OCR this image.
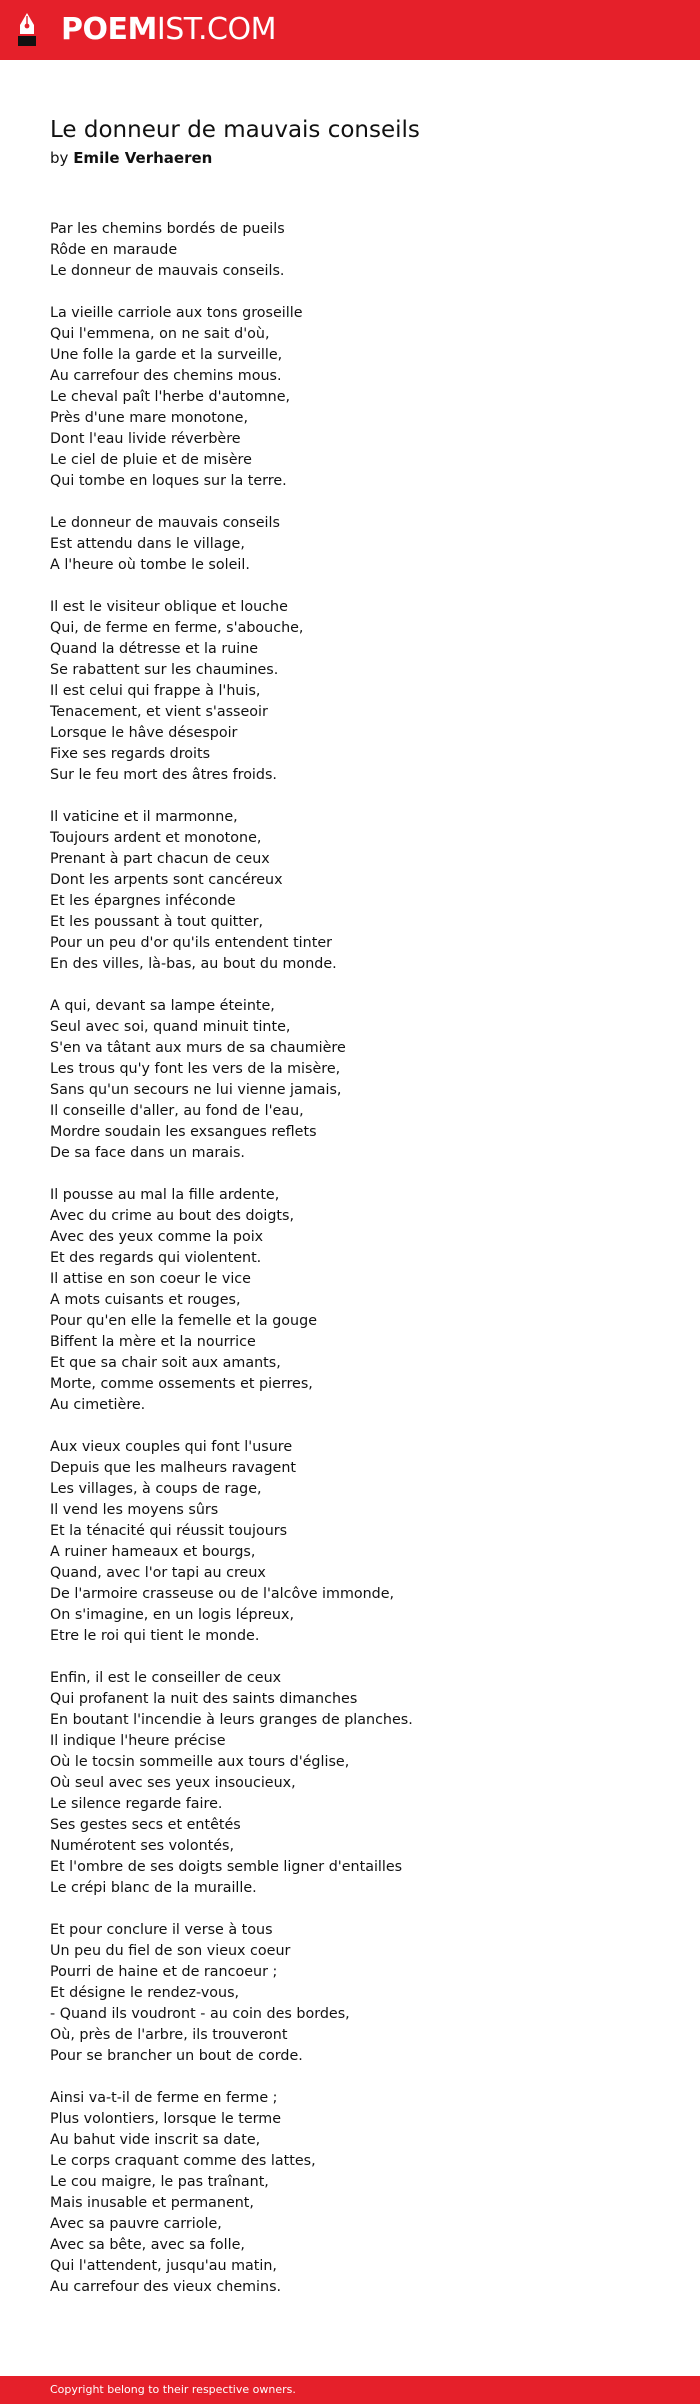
POEMIST.COM
Le donneur de mauvais conseils
by Emile Verhaeren
Par les chemins bordés de pueils
Rôde en maraude
Le donneur de mauvais conseils.
La vieille carriole aux tons groseille
Qui l'emmena, on ne sait d'où,
Une folle la garde et la surveille,
Au carrefour des chemins mous.
Le cheval paît l'herbe d'automne,
Près d'une mare monotone,
Dont l'eau livide réverbère
Le ciel de pluie et de misère
Qui tombe en loques sur la terre.
Le donneur de mauvais conseils
Est attendu dans le village,
A l'heure où tombe le soleil.
Il est le visiteur oblique et louche
Qui, de ferme en ferme, s'abouche,
Quand la détresse et la ruine
Se rabattent sur les chaumines.
Il est celui qui frappe à l'huis,
Tenacement, et vient s'asseoir
Lorsque le hâve désespoir
Fixe ses regards droits
Sur le feu mort des âtres froids.
Il vaticine et il marmonne,
Toujours ardent et monotone,
Prenant à part chacun de ceux
Dont les arpents sont cancéreux
Et les épargnes inféconde
Et les poussant à tout quitter,
Pour un peu d'or qu'ils entendent tinter
En des villes, là-bas, au bout du monde.
A qui, devant sa lampe éteinte,
Seul avec soi, quand minuit tinte,
S'en va tâtant aux murs de sa chaumière
Les trous qu'y font les vers de la misère,
Sans qu'un secours ne lui vienne jamais,
Il conseille d'aller, au fond de l'eau,
Mordre soudain les exsangues reflets
De sa face dans un marais.
Il pousse au mal la fille ardente,
Avec du crime au bout des doigts,
Avec des yeux comme la poix
Et des regards qui violentent.
Il attise en son coeur le vice
A mots cuisants et rouges,
Pour qu'en elle la femelle et la gouge
Biffent la mère et la nourrice
Et que sa chair soit aux amants,
Morte, comme ossements et pierres,
Au cimetière.
Aux vieux couples qui font l'usure
Depuis que les malheurs ravagent
Les villages, à coups de rage,
Il vend les moyens sûrs
Et la ténacité qui réussit toujours
A ruiner hameaux et bourgs,
Quand, avec l'or tapi au creux
De l'armoire crasseuse ou de l'alcôve immonde,
On s'imagine, en un logis lépreux,
Etre le roi qui tient le monde.
Enfin, il est le conseiller de ceux
Qui profanent la nuit des saints dimanches
En boutant l'incendie à leurs granges de planches.
Il indique l'heure précise
Où le tocsin sommeille aux tours d'église,
Où seul avec ses yeux insoucieux,
Le silence regarde faire.
Ses gestes secs et entêtés
Numérotent ses volontés,
Et l'ombre de ses doigts semble ligner d'entailles
Le crépi blanc de la muraille.
Et pour conclure il verse à tous
Un peu du fiel de son vieux coeur
Pourri de haine et de rancoeur ;
Et désigne le rendez-vous,
- Quand ils voudront - au coin des bordes,
Où, près de l'arbre, ils trouveront
Pour se brancher un bout de corde.
Ainsi va-t-il de ferme en ferme ;
Plus volontiers, lorsque le terme
Au bahut vide inscrit sa date,
Le corps craquant comme des lattes,
Le cou maigre, le pas traînant,
Mais inusable et permanent,
Avec sa pauvre carriole,
Avec sa bête, avec sa folle,
Qui l'attendent, jusqu'au matin,
Au carrefour des vieux chemins.
Copyright belong to their respective owners.
